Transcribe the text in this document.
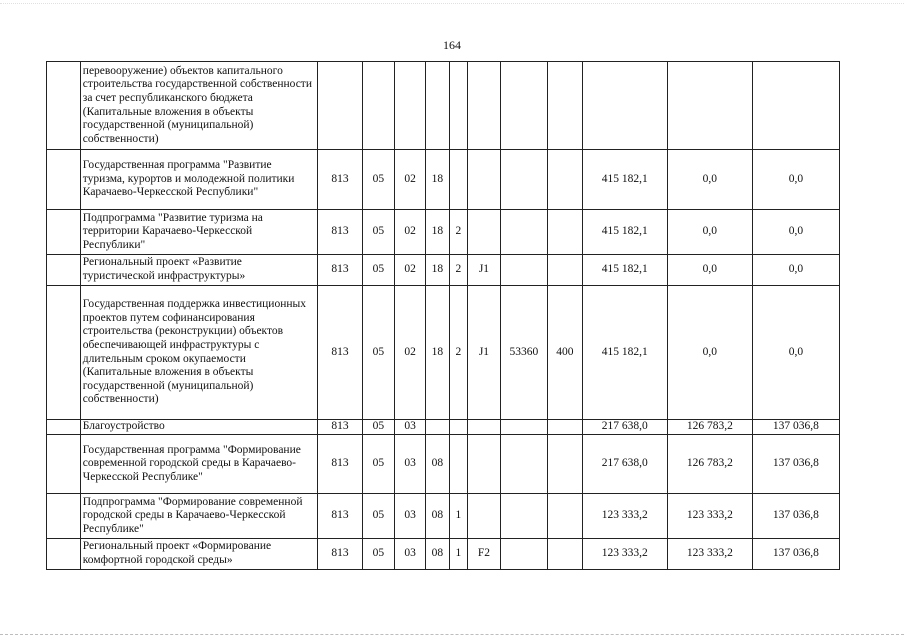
164
	перевооружение) объектов капитального строительства государственной собственности за счет республиканского бюджета (Капитальные вложения в объекты государственной (муниципальной) собственности)											
	Государственная программа "Развитие туризма, курортов и молодежной политики Карачаево-Черкесской Республики"	813	05	02	18					415 182,1	0,0	0,0
	Подпрограмма "Развитие туризма на территории Карачаево-Черкесской Республики"	813	05	02	18	2				415 182,1	0,0	0,0
	Региональный проект «Развитие туристической инфраструктуры»	813	05	02	18	2	J1			415 182,1	0,0	0,0
	Государственная поддержка инвестиционных проектов путем софинансирования строительства (реконструкции) объектов обеспечивающей инфраструктуры с длительным сроком окупаемости (Капитальные вложения в объекты государственной (муниципальной) собственности)	813	05	02	18	2	J1	53360	400	415 182,1	0,0	0,0
	Благоустройство	813	05	03						217 638,0	126 783,2	137 036,8
	Государственная программа "Формирование современной городской среды в Карачаево-Черкесской Республике"	813	05	03	08					217 638,0	126 783,2	137 036,8
	Подпрограмма "Формирование современной городской среды в Карачаево-Черкесской Республике"	813	05	03	08	1				123 333,2	123 333,2	137 036,8
	Региональный проект «Формирование комфортной городской среды»	813	05	03	08	1	F2			123 333,2	123 333,2	137 036,8
